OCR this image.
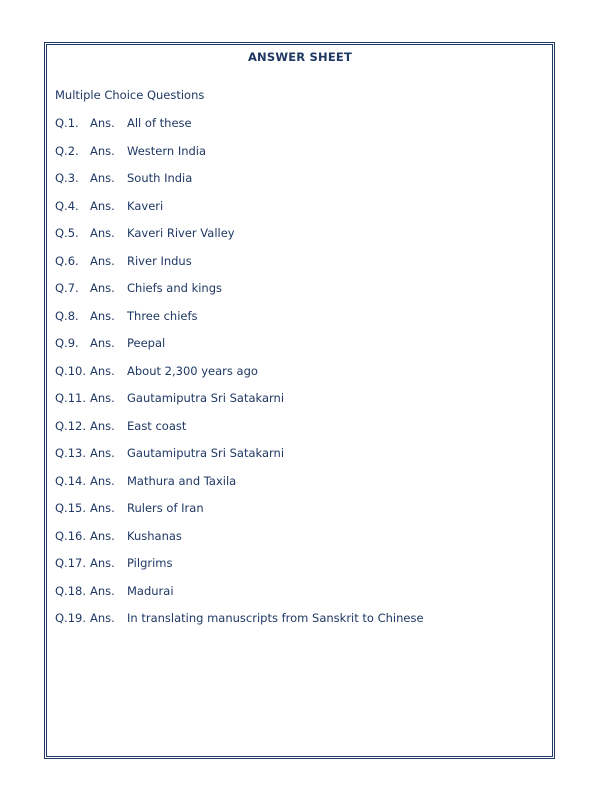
ANSWER SHEET
Multiple Choice Questions
Q.1. Ans.	All of these
Q.2. Ans.	Western India
Q.3. Ans.	South India
Q.4. Ans.	Kaveri
Q.5. Ans.	Kaveri River Valley
Q.6. Ans.	River Indus
Q.7. Ans.	Chiefs and kings
Q.8. Ans.	Three chiefs
Q.9. Ans.	Peepal
Q.10. Ans.	About 2,300 years ago
Q.11. Ans.	Gautamiputra Sri Satakarni
Q.12. Ans.	East coast
Q.13. Ans.	Gautamiputra Sri Satakarni
Q.14. Ans.	Mathura and Taxila
Q.15. Ans.	Rulers of Iran
Q.16. Ans.	Kushanas
Q.17. Ans.	Pilgrims
Q.18. Ans.	Madurai
Q.19. Ans.	In translating manuscripts from Sanskrit to Chinese
